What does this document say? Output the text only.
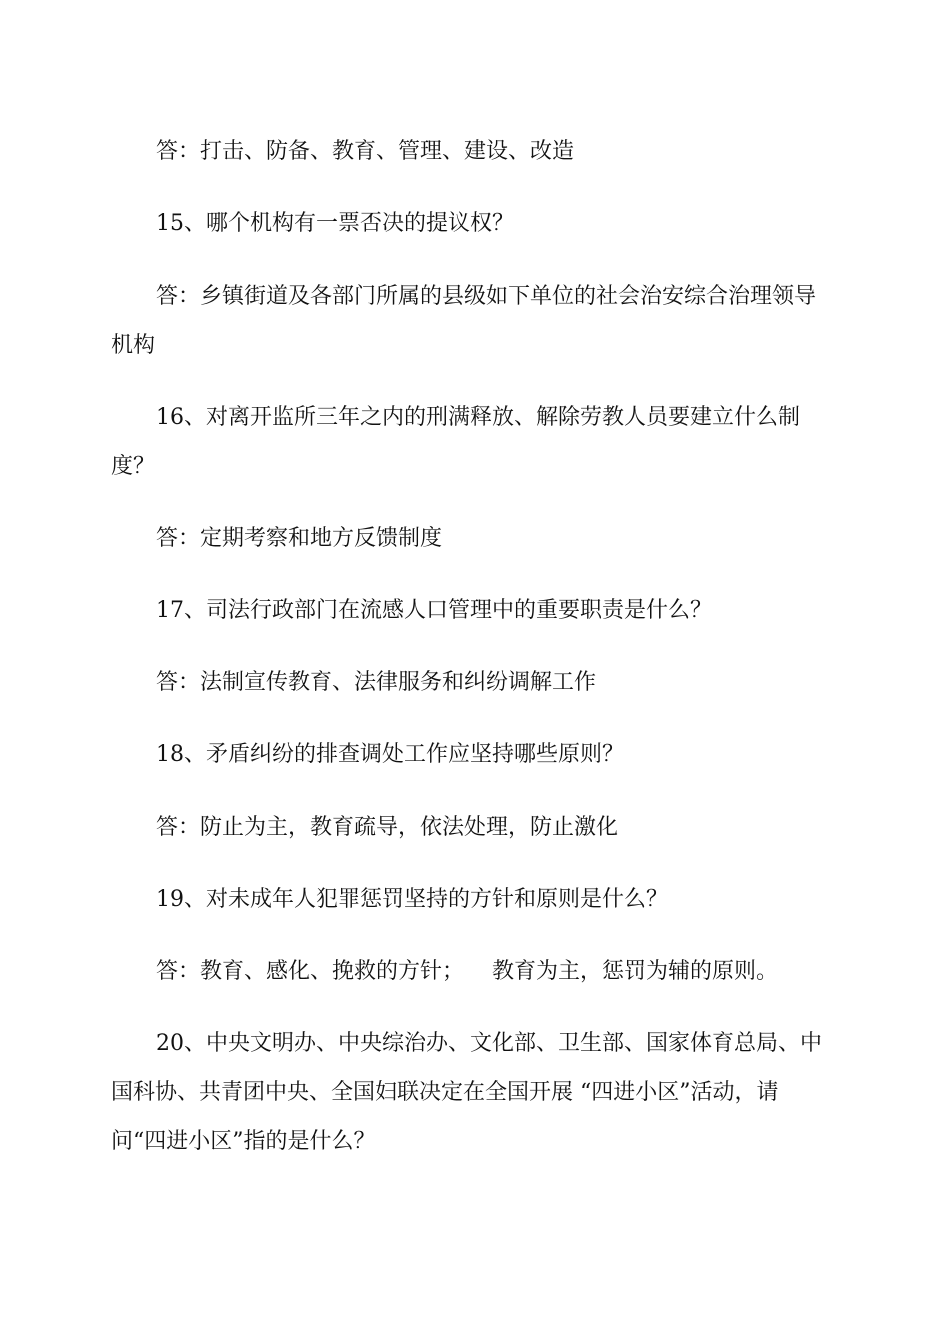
答：打击、防备、教育、管理、建设、改造

15、哪个机构有一票否决的提议权？

答：乡镇街道及各部门所属的县级如下单位的社会治安综合治理领导机构

16、对离开监所三年之内的刑满释放、解除劳教人员要建立什么制度？

答：定期考察和地方反馈制度

17、司法行政部门在流感人口管理中的重要职责是什么？

答：法制宣传教育、法律服务和纠纷调解工作

18、矛盾纠纷的排查调处工作应坚持哪些原则？

答：防止为主，教育疏导，依法处理，防止激化

19、对未成年人犯罪惩罚坚持的方针和原则是什么？

答：教育、感化、挽救的方针；    教育为主，惩罚为辅的原则。

20、中央文明办、中央综治办、文化部、卫生部、国家体育总局、中国科协、共青团中央、全国妇联决定在全国开展 “四进小区”活动，请问“四进小区”指的是什么？
